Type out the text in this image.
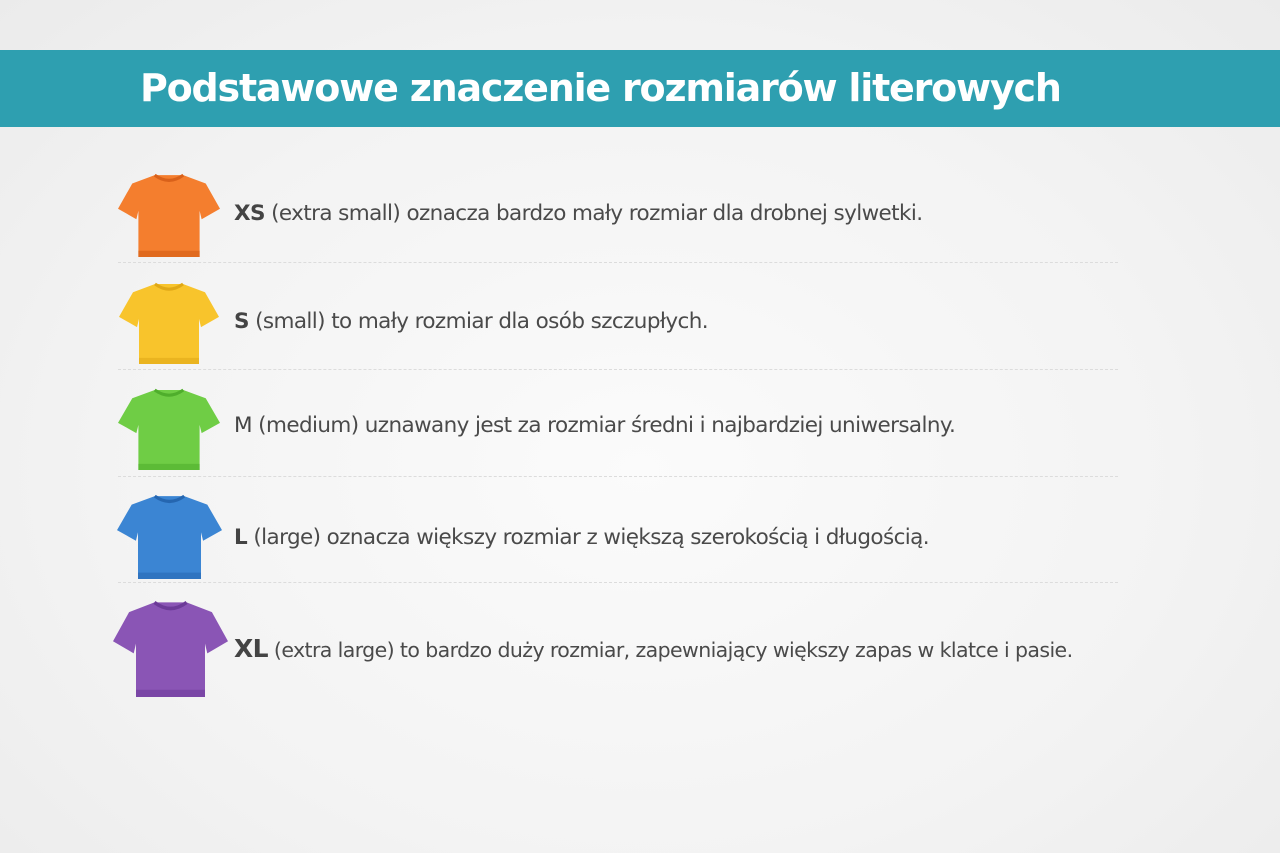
Podstawowe znaczenie rozmiarów literowych
XS (extra small) oznacza bardzo mały rozmiar dla drobnej sylwetki.
S (small) to mały rozmiar dla osób szczupłych.
M (medium) uznawany jest za rozmiar średni i najbardziej uniwersalny.
L (large) oznacza większy rozmiar z większą szerokością i długością.
XL (extra large) to bardzo duży rozmiar, zapewniający większy zapas w klatce i pasie.
